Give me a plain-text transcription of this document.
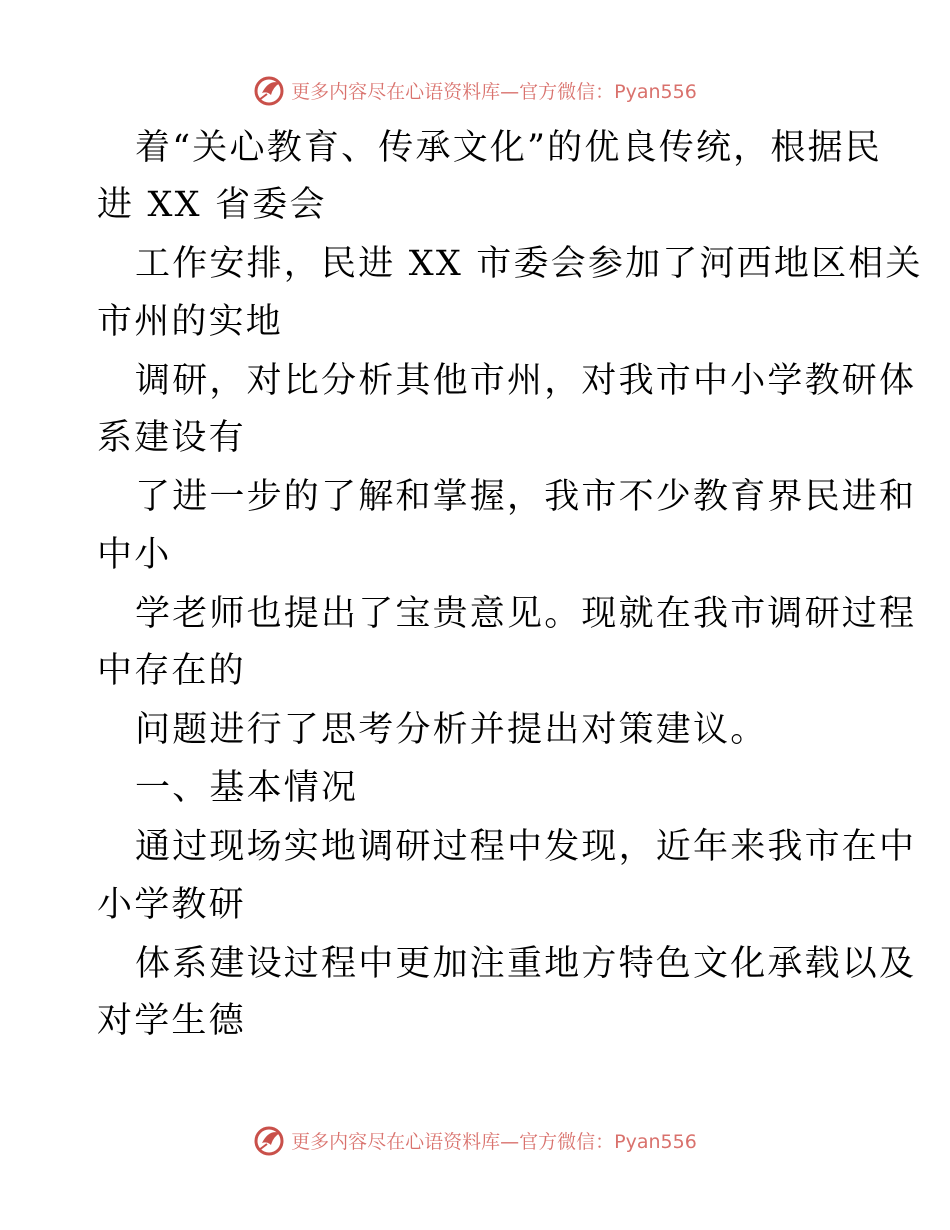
更多内容尽在心语资料库—官方微信：Pyan556
着“关心教育、传承文化”的优良传统，根据民
进 XX 省委会
工作安排，民进 XX 市委会参加了河西地区相关
市州的实地
调研，对比分析其他市州，对我市中小学教研体
系建设有
了进一步的了解和掌握，我市不少教育界民进和
中小
学老师也提出了宝贵意见。现就在我市调研过程
中存在的
问题进行了思考分析并提出对策建议。
一、基本情况
通过现场实地调研过程中发现，近年来我市在中
小学教研
体系建设过程中更加注重地方特色文化承载以及
对学生德
更多内容尽在心语资料库—官方微信：Pyan556
